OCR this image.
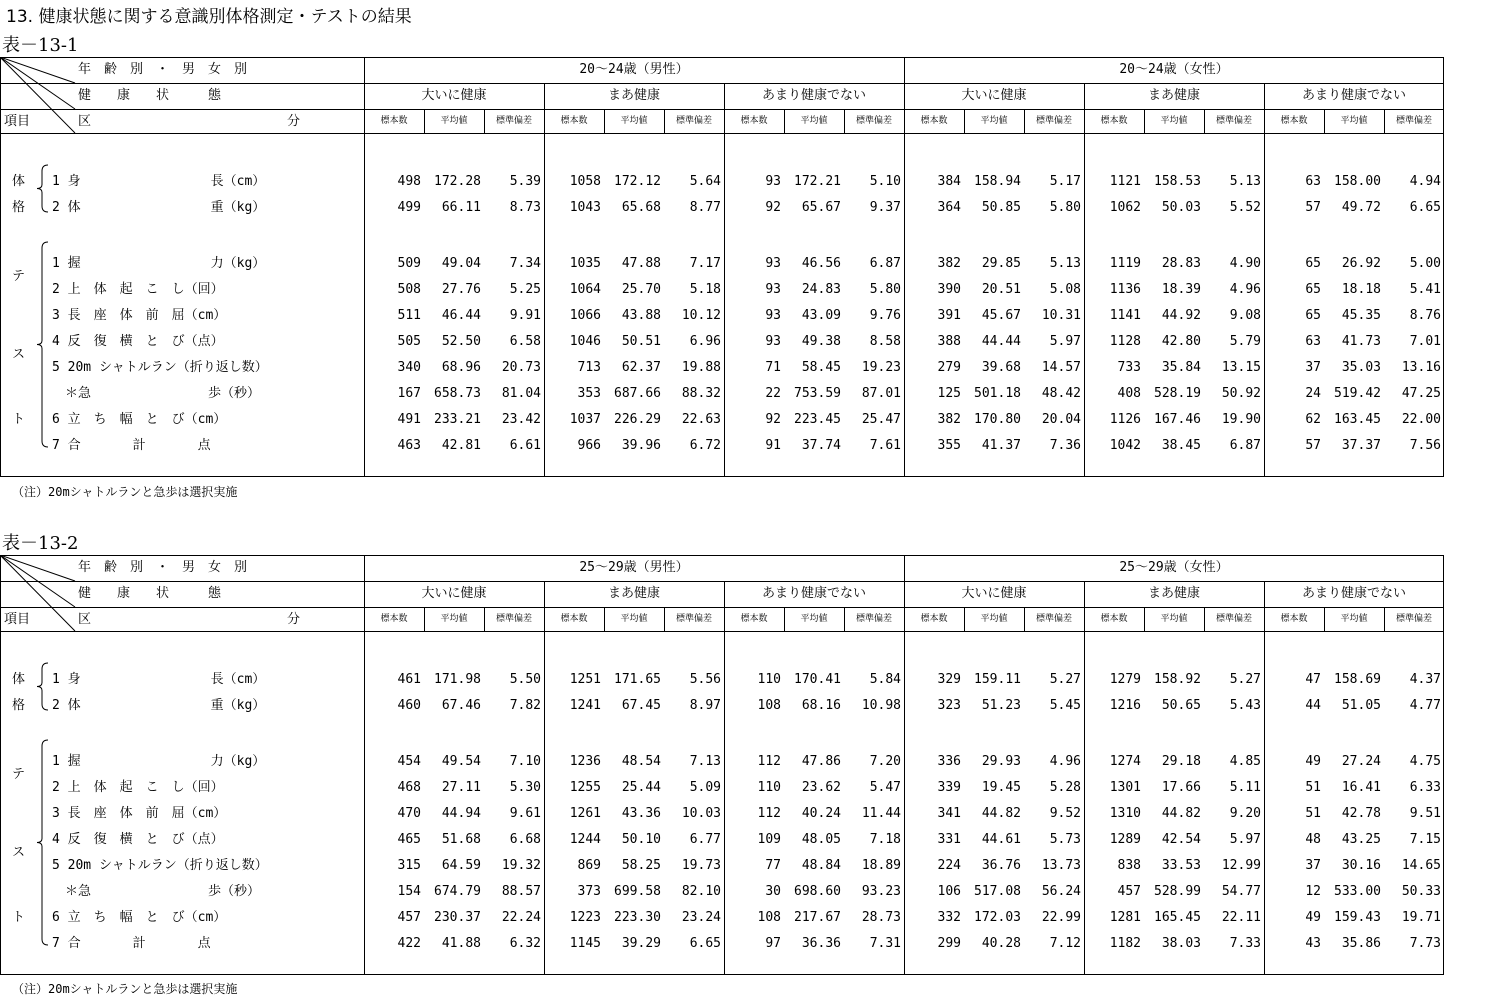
13. 健康状態に関する意識別体格測定・テストの結果
表－13-1
年　齢　別　・　男　女　別
健　　康　　状　　　態
区	分
項目
20～24歳（男性）	20～24歳（女性）
大いに健康	まあ健康	あまり健康でない	大いに健康	まあ健康	あまり健康でない
標本数	平均値	標準偏差	標本数	平均値	標準偏差	標本数	平均値	標準偏差	標本数	平均値	標準偏差	標本数	平均値	標準偏差	標本数	平均値	標準偏差
体
格
テ
ス
ト
1 身　　　　　　　　　　長（cm）	498	172.28	5.39	1058	172.12	5.64	93	172.21	5.10	384	158.94	5.17	1121	158.53	5.13	63	158.00	4.94
2 体　　　　　　　　　　重（kg）	499	66.11	8.73	1043	65.68	8.77	92	65.67	9.37	364	50.85	5.80	1062	50.03	5.52	57	49.72	6.65
1 握　　　　　　　　　　力（kg）	509	49.04	7.34	1035	47.88	7.17	93	46.56	6.87	382	29.85	5.13	1119	28.83	4.90	65	26.92	5.00
2 上　体　起　こ　し（回）	508	27.76	5.25	1064	25.70	5.18	93	24.83	5.80	390	20.51	5.08	1136	18.39	4.96	65	18.18	5.41
3 長　座　体　前　屈（cm）	511	46.44	9.91	1066	43.88	10.12	93	43.09	9.76	391	45.67	10.31	1141	44.92	9.08	65	45.35	8.76
4 反　復　横　と　び（点）	505	52.50	6.58	1046	50.51	6.96	93	49.38	8.58	388	44.44	5.97	1128	42.80	5.79	63	41.73	7.01
5 20m シャトルラン（折り返し数）	340	68.96	20.73	713	62.37	19.88	71	58.45	19.23	279	39.68	14.57	733	35.84	13.15	37	35.03	13.16
　＊急　　　　　　　　　歩（秒）	167	658.73	81.04	353	687.66	88.32	22	753.59	87.01	125	501.18	48.42	408	528.19	50.92	24	519.42	47.25
6 立　ち　幅　と　び（cm）	491	233.21	23.42	1037	226.29	22.63	92	223.45	25.47	382	170.80	20.04	1126	167.46	19.90	62	163.45	22.00
7 合　　　　計　　　　点	463	42.81	6.61	966	39.96	6.72	91	37.74	7.61	355	41.37	7.36	1042	38.45	6.87	57	37.37	7.56
（注）20mシャトルランと急歩は選択実施
表－13-2
年　齢　別　・　男　女　別
健　　康　　状　　　態
区	分
項目
25～29歳（男性）	25～29歳（女性）
大いに健康	まあ健康	あまり健康でない	大いに健康	まあ健康	あまり健康でない
標本数	平均値	標準偏差	標本数	平均値	標準偏差	標本数	平均値	標準偏差	標本数	平均値	標準偏差	標本数	平均値	標準偏差	標本数	平均値	標準偏差
体
格
テ
ス
ト
1 身　　　　　　　　　　長（cm）	461	171.98	5.50	1251	171.65	5.56	110	170.41	5.84	329	159.11	5.27	1279	158.92	5.27	47	158.69	4.37
2 体　　　　　　　　　　重（kg）	460	67.46	7.82	1241	67.45	8.97	108	68.16	10.98	323	51.23	5.45	1216	50.65	5.43	44	51.05	4.77
1 握　　　　　　　　　　力（kg）	454	49.54	7.10	1236	48.54	7.13	112	47.86	7.20	336	29.93	4.96	1274	29.18	4.85	49	27.24	4.75
2 上　体　起　こ　し（回）	468	27.11	5.30	1255	25.44	5.09	110	23.62	5.47	339	19.45	5.28	1301	17.66	5.11	51	16.41	6.33
3 長　座　体　前　屈（cm）	470	44.94	9.61	1261	43.36	10.03	112	40.24	11.44	341	44.82	9.52	1310	44.82	9.20	51	42.78	9.51
4 反　復　横　と　び（点）	465	51.68	6.68	1244	50.10	6.77	109	48.05	7.18	331	44.61	5.73	1289	42.54	5.97	48	43.25	7.15
5 20m シャトルラン（折り返し数）	315	64.59	19.32	869	58.25	19.73	77	48.84	18.89	224	36.76	13.73	838	33.53	12.99	37	30.16	14.65
　＊急　　　　　　　　　歩（秒）	154	674.79	88.57	373	699.58	82.10	30	698.60	93.23	106	517.08	56.24	457	528.99	54.77	12	533.00	50.33
6 立　ち　幅　と　び（cm）	457	230.37	22.24	1223	223.30	23.24	108	217.67	28.73	332	172.03	22.99	1281	165.45	22.11	49	159.43	19.71
7 合　　　　計　　　　点	422	41.88	6.32	1145	39.29	6.65	97	36.36	7.31	299	40.28	7.12	1182	38.03	7.33	43	35.86	7.73
（注）20mシャトルランと急歩は選択実施
